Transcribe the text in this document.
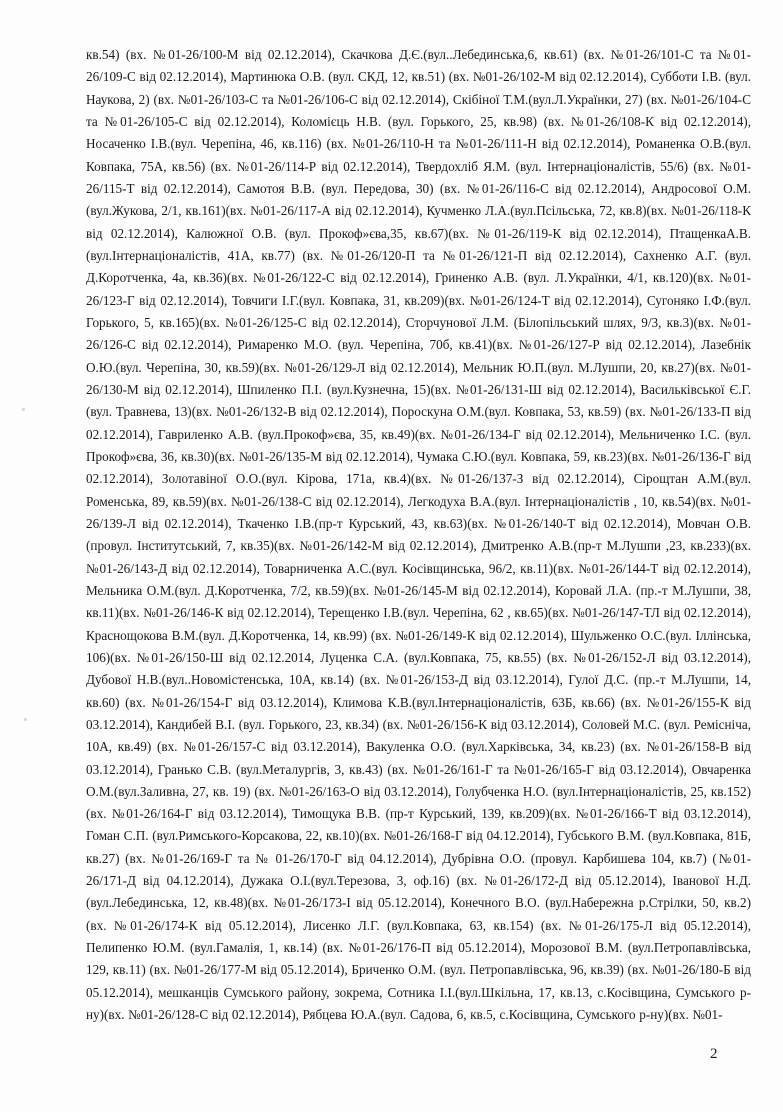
кв.54) (вх. №01-26/100-М від 02.12.2014), Скачкова Д.Є.(вул..Лебединська,6, кв.61) (вх. №01-26/101-С та №01-26/109-С від 02.12.2014), Мартинюка О.В. (вул. СКД, 12, кв.51) (вх. №01-26/102-М від 02.12.2014), Субботи І.В. (вул. Наукова, 2) (вх. №01-26/103-С та №01-26/106-С від 02.12.2014), Скібіної Т.М.(вул.Л.Українки, 27) (вх. №01-26/104-С та №01-26/105-С від 02.12.2014), Коломієць Н.В. (вул. Горького, 25, кв.98) (вх. №01-26/108-К від 02.12.2014), Носаченко І.В.(вул. Черепіна, 46, кв.116) (вх. №01-26/110-Н та №01-26/111-Н від 02.12.2014), Романенка О.В.(вул. Ковпака, 75А, кв.56) (вх. №01-26/114-Р від 02.12.2014), Твердохліб Я.М. (вул. Інтернаціоналістів, 55/6) (вх. №01-26/115-Т від 02.12.2014), Самотоя В.В. (вул. Передова, 30) (вх. №01-26/116-С від 02.12.2014), Андросової О.М.(вул.Жукова, 2/1, кв.161)(вх. №01-26/117-А від 02.12.2014), Кучменко Л.А.(вул.Псільська, 72, кв.8)(вх. №01-26/118-К від 02.12.2014), Калюжної О.В. (вул. Прокоф»єва,35, кв.67)(вх. №01-26/119-К від 02.12.2014), ПтащенкаА.В. (вул.Інтернаціоналістів, 41А, кв.77) (вх. №01-26/120-П та №01-26/121-П від 02.12.2014), Сахненко А.Г. (вул. Д.Коротченка, 4а, кв.36)(вх. №01-26/122-С від 02.12.2014), Гриненко А.В. (вул. Л.Українки, 4/1, кв.120)(вх. №01-26/123-Г від 02.12.2014), Товчиги І.Г.(вул. Ковпака, 31, кв.209)(вх. №01-26/124-Т від 02.12.2014), Сугоняко І.Ф.(вул. Горького, 5, кв.165)(вх. №01-26/125-С від 02.12.2014), Сторчунової Л.М. (Білопільський шлях, 9/3, кв.3)(вх. №01-26/126-С від 02.12.2014), Римаренко М.О. (вул. Черепіна, 70б, кв.41)(вх. №01-26/127-Р від 02.12.2014), Лазебнік О.Ю.(вул. Черепіна, 30, кв.59)(вх. №01-26/129-Л від 02.12.2014), Мельник Ю.П.(вул. М.Лушпи, 20, кв.27)(вх. №01-26/130-М від 02.12.2014), Шпиленко П.І. (вул.Кузнечна, 15)(вх. №01-26/131-Ш від 02.12.2014), Васильківської Є.Г.(вул. Травнева, 13)(вх. №01-26/132-В від 02.12.2014), Пороскуна О.М.(вул. Ковпака, 53, кв.59) (вх. №01-26/133-П від 02.12.2014), Гавриленко А.В. (вул.Прокоф»єва, 35, кв.49)(вх. №01-26/134-Г від 02.12.2014), Мельниченко І.С. (вул. Прокоф»єва, 36, кв.30)(вх. №01-26/135-М від 02.12.2014), Чумака С.Ю.(вул. Ковпака, 59, кв.23)(вх. №01-26/136-Г від 02.12.2014), Золотавіної О.О.(вул. Кірова, 171а, кв.4)(вх. №01-26/137-З від 02.12.2014), Сірощтан А.М.(вул. Роменська, 89, кв.59)(вх. №01-26/138-С від 02.12.2014), Легкодуха В.А.(вул. Інтернаціоналістів , 10, кв.54)(вх. №01-26/139-Л від 02.12.2014), Ткаченко І.В.(пр-т Курський, 43, кв.63)(вх. №01-26/140-Т від 02.12.2014), Мовчан О.В.(провул. Інститутський, 7, кв.35)(вх. №01-26/142-М від 02.12.2014), Дмитренко А.В.(пр-т М.Лушпи ,23, кв.233)(вх. №01-26/143-Д від 02.12.2014), Товарниченка А.С.(вул. Косівщинська, 96/2, кв.11)(вх. №01-26/144-Т від 02.12.2014), Мельника О.М.(вул. Д.Коротченка, 7/2, кв.59)(вх. №01-26/145-М від 02.12.2014), Коровай Л.А. (пр.-т М.Лушпи, 38, кв.11)(вх. №01-26/146-К від 02.12.2014), Терещенко І.В.(вул. Черепіна, 62 , кв.65)(вх. №01-26/147-ТЛ від 02.12.2014), Краснощокова В.М.(вул. Д.Коротченка, 14, кв.99) (вх. №01-26/149-К від 02.12.2014), Шульженко О.С.(вул. Іллінська, 106)(вх. №01-26/150-Ш від 02.12.2014, Луценка С.А. (вул.Ковпака, 75, кв.55) (вх. №01-26/152-Л від 03.12.2014), Дубової Н.В.(вул..Новомістенська, 10А, кв.14) (вх. №01-26/153-Д від 03.12.2014), Гулої Д.С. (пр.-т М.Лушпи, 14, кв.60) (вх. №01-26/154-Г від 03.12.2014), Климова К.В.(вул.Інтернаціоналістів, 63Б, кв.66) (вх. №01-26/155-К від 03.12.2014), Кандибей В.І. (вул. Горького, 23, кв.34) (вх. №01-26/156-К від 03.12.2014), Соловей М.С. (вул. Ремісніча, 10А, кв.49) (вх. №01-26/157-С від 03.12.2014), Вакуленка О.О. (вул.Харківська, 34, кв.23) (вх. №01-26/158-В від 03.12.2014), Гранько С.В. (вул.Металургів, 3, кв.43) (вх. №01-26/161-Г та №01-26/165-Г від 03.12.2014), Овчаренка О.М.(вул.Заливна, 27, кв. 19) (вх. №01-26/163-О від 03.12.2014), Голубченка Н.О. (вул.Інтернаціоналістів, 25, кв.152) (вх. №01-26/164-Г від 03.12.2014), Тимощука В.В. (пр-т Курський, 139, кв.209)(вх. №01-26/166-Т від 03.12.2014), Гоман С.П. (вул.Римського-Корсакова, 22, кв.10)(вх. №01-26/168-Г від 04.12.2014), Губського В.М. (вул.Ковпака, 81Б, кв.27) (вх. №01-26/169-Г та № 01-26/170-Г від 04.12.2014), Дубрівна О.О. (провул. Карбишева 104, кв.7) (№01-26/171-Д від 04.12.2014), Дужака О.І.(вул.Терезова, 3, оф.16) (вх. №01-26/172-Д від 05.12.2014), Іванової Н.Д.(вул.Лебединська, 12, кв.48)(вх. №01-26/173-І від 05.12.2014), Конечного В.О. (вул.Набережна р.Стрілки, 50, кв.2) (вх. №01-26/174-К від 05.12.2014), Лисенко Л.Г. (вул.Ковпака, 63, кв.154) (вх. №01-26/175-Л від 05.12.2014), Пелипенко Ю.М. (вул.Гамалія, 1, кв.14) (вх. №01-26/176-П від 05.12.2014), Морозової В.М. (вул.Петропавлівська, 129, кв.11) (вх. №01-26/177-М від 05.12.2014), Бриченко О.М. (вул. Петропавлівська, 96, кв.39) (вх. №01-26/180-Б від 05.12.2014), мешканців Сумського району, зокрема, Сотника І.І.(вул.Шкільна, 17, кв.13, с.Косівщина, Сумського р-ну)(вх. №01-26/128-С від 02.12.2014), Рябцева Ю.А.(вул. Садова, 6, кв.5, с.Косівщина, Сумського р-ну)(вх. №01-

2
